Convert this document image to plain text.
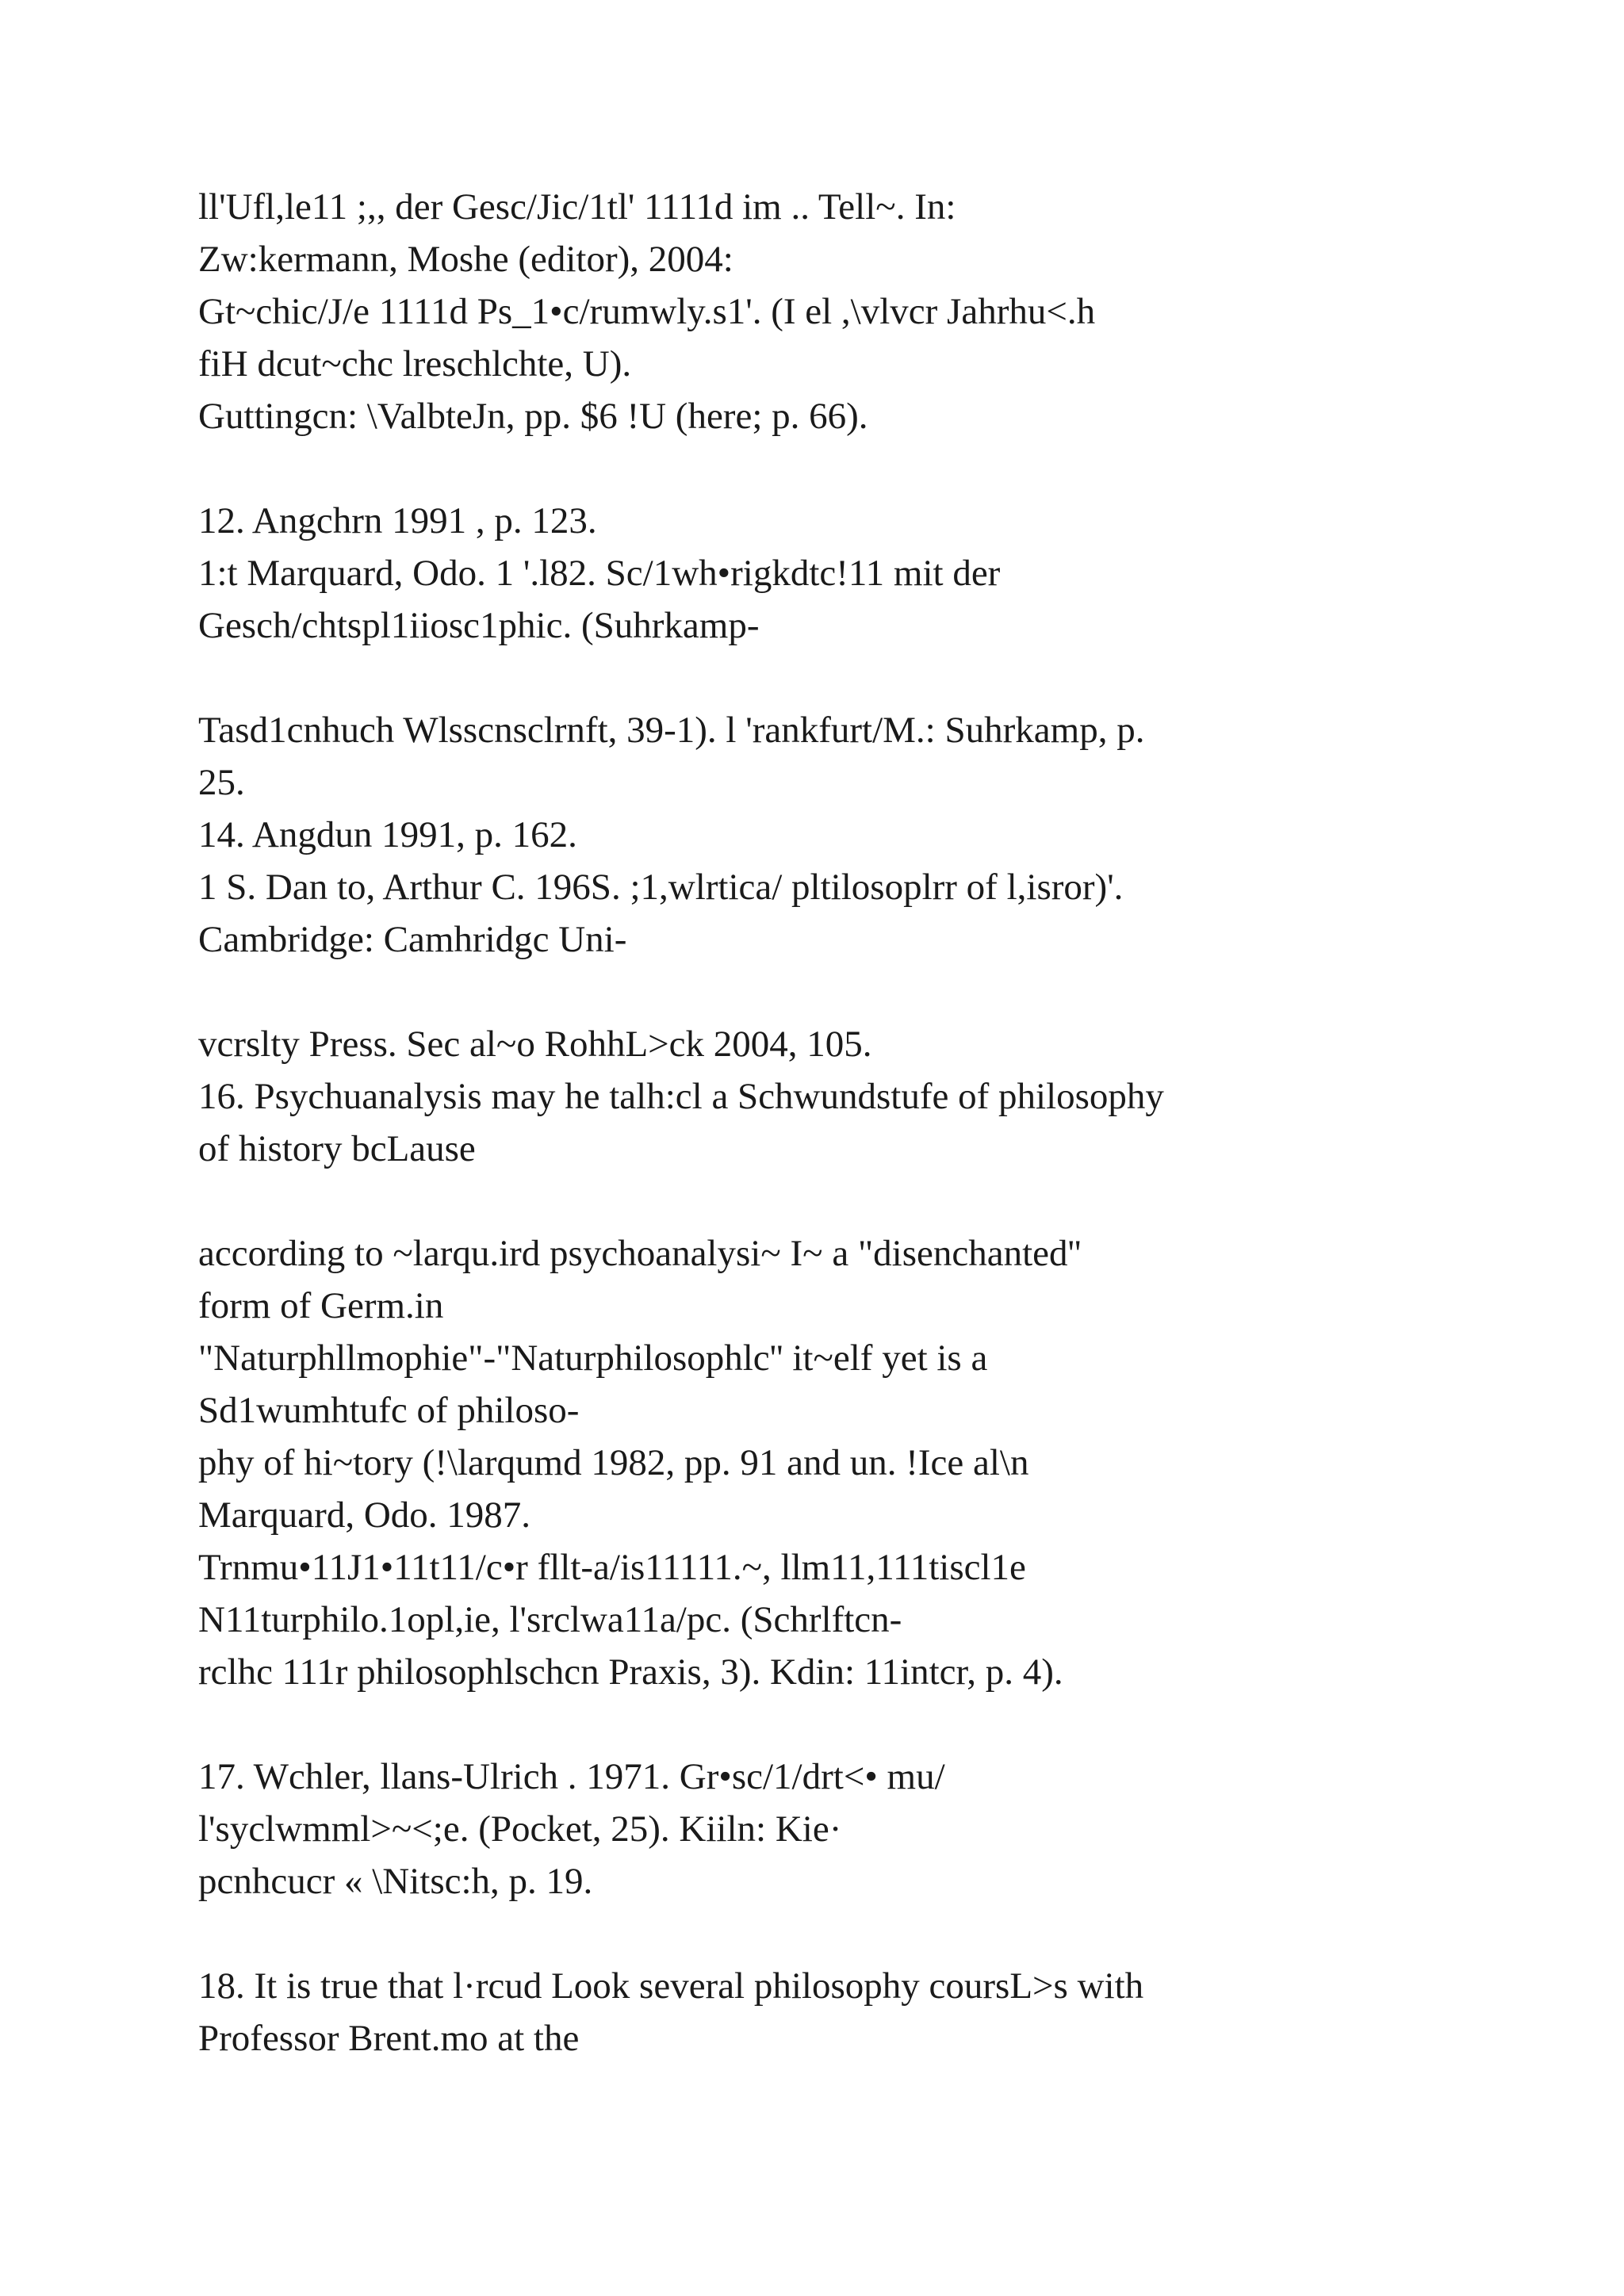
ll'Ufl,le11 ;,, der Gesc/Jic/1tl' 1111d im .. Tell~. In:
Zw:kermann, Moshe (editor), 2004:
Gt~chic/J/e 1111d Ps_1•c/rumwly.s1'. (I el ,\vlvcr Jahrhu<.h
fiH dcut~chc lreschlchte, U).
Guttingcn: \ValbteJn, pp. $6 !U (here; p. 66).
12. Angchrn 1991 , p. 123.
1:t Marquard, Odo. 1 '.l82. Sc/1wh•rigkdtc!11 mit der
Gesch/chtspl1iiosc1phic. (Suhrkamp-
Tasd1cnhuch Wlsscnsclrnft, 39-1). l 'rankfurt/M.: Suhrkamp, p.
25.
14. Angdun 1991, p. 162.
1 S. Dan to, Arthur C. 196S. ;1,wlrtica/ pltilosoplrr of l,isror)'.
Cambridge: Camhridgc Uni-
vcrslty Press. Sec al~o RohhL>ck 2004, 105.
16. Psychuanalysis may he talh:cl a Schwundstufe of philosophy
of history bcLause
according to ~larqu.ird psychoanalysi~ I~ a "disenchanted''
form of Germ.in
"Naturphllmophie"-"Naturphilosophlc'' it~elf yet is a
Sd1wumhtufc of philoso-
phy of hi~tory (!\larqumd 1982, pp. 91 and un. !Ice al\n
Marquard, Odo. 1987.
Trnmu•11J1•11t11/c•r fllt-a/is11111.~, llm11,111tiscl1e
N11turphilo.1opl,ie, l'srclwa11a/pc. (Schrlftcn-
rclhc 111r philosophlschcn Praxis, 3). Kdin: 11intcr, p. 4).
17. Wchler, llans-Ulrich . 1971. Gr•sc/1/drt<• mu/
l'syclwmml>~<;e. (Pocket, 25). Kiiln: Kie·
pcnhcucr « \Nitsc:h, p. 19.
18. It is true that l·rcud Look several philosophy coursL>s with
Professor Brent.mo at the
